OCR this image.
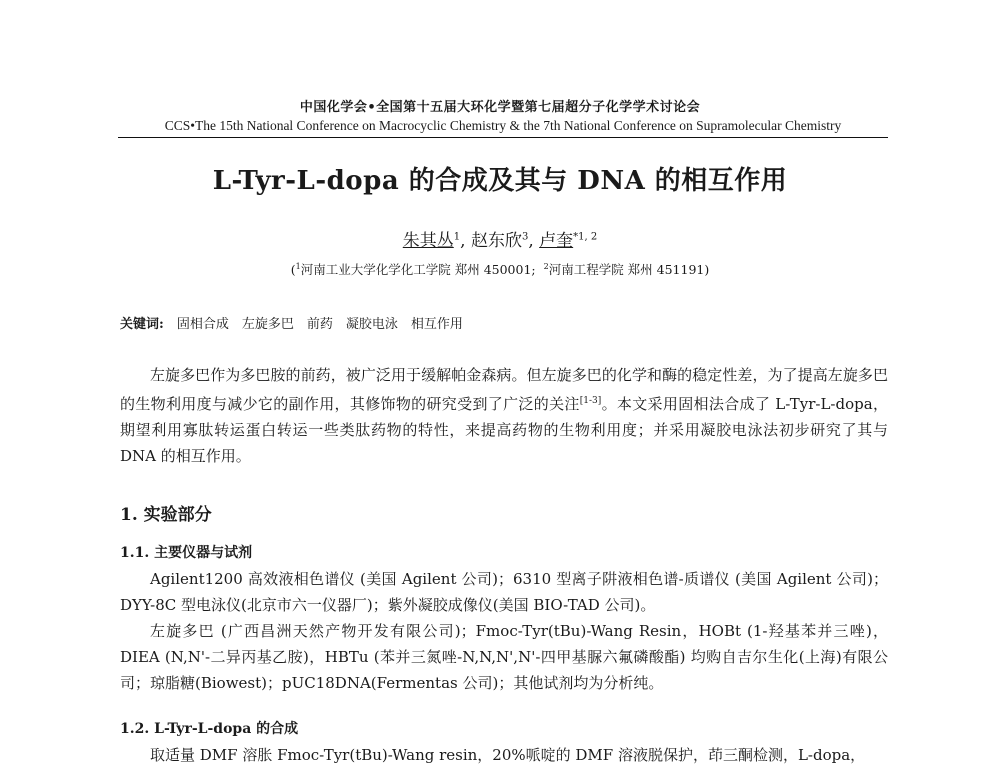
中国化学会•全国第十五届大环化学暨第七届超分子化学学术讨论会
CCS•The 15th National Conference on Macrocyclic Chemistry & the 7th National Conference on Supramolecular Chemistry
L-Tyr-L-dopa 的合成及其与 DNA 的相互作用
朱其丛$^1$, 赵东欣$^3$, 卢奎$^{*1, 2}$
($^1$河南工业大学化学化工学院 郑州 450001; $^2$河南工程学院 郑州 451191)
关键词: 固相合成 左旋多巴 前药 凝胶电泳 相互作用

左旋多巴作为多巴胺的前药，被广泛用于缓解帕金森病。但左旋多巴的化学和酶的稳定性差，为了提高左旋多巴的生物利用度与减少它的副作用，其修饰物的研究受到了广泛的关注[1-3]。本文采用固相法合成了 L-Tyr-L-dopa，期望利用寡肽转运蛋白转运一些类肽药物的特性，来提高药物的生物利用度；并采用凝胶电泳法初步研究了其与 DNA 的相互作用。

1. 实验部分
1.1. 主要仪器与试剂

Agilent1200 高效液相色谱仪 (美国 Agilent 公司)；6310 型离子阱液相色谱-质谱仪 (美国 Agilent 公司)； DYY-8C 型电泳仪(北京市六一仪器厂)；紫外凝胶成像仪(美国 BIO-TAD 公司)。

左旋多巴 (广西昌洲天然产物开发有限公司)；Fmoc-Tyr(tBu)-Wang Resin，HOBt (1-羟基苯并三唑)，DIEA (N,N'-二异丙基乙胺)，HBTu (苯并三氮唑-N,N,N',N'-四甲基脲六氟磷酸酯) 均购自吉尔生化(上海)有限公司；琼脂糖(Biowest)；pUC18DNA(Fermentas 公司)；其他试剂均为分析纯。

1.2. L-Tyr-L-dopa 的合成
取适量 DMF 溶胀 Fmoc-Tyr(tBu)-Wang resin，20%哌啶的 DMF 溶液脱保护，茚三酮检测，L-dopa，
